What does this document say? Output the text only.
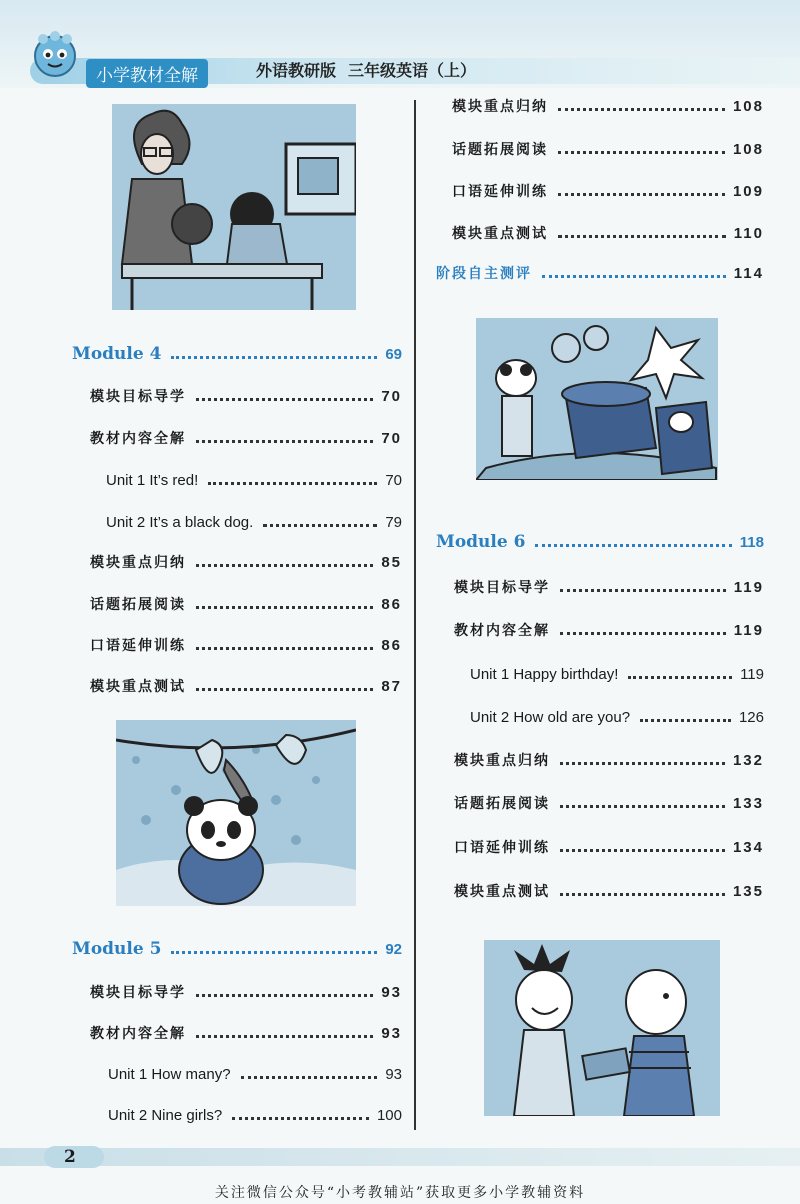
小学教材全解	外语教研版 三年级英语（上）
Module 4	69
模块目标导学	70
教材内容全解	70
Unit 1 It’s red!	70
Unit 2 It’s a black dog.	79
模块重点归纳	85
话题拓展阅读	86
口语延伸训练	86
模块重点测试	87
Module 5	92
模块目标导学	93
教材内容全解	93
Unit 1 How many?	93
Unit 2 Nine girls?	100
模块重点归纳	108
话题拓展阅读	108
口语延伸训练	109
模块重点测试	110
阶段自主测评	114
Module 6	118
模块目标导学	119
教材内容全解	119
Unit 1 Happy birthday!	119
Unit 2 How old are you?	126
模块重点归纳	132
话题拓展阅读	133
口语延伸训练	134
模块重点测试	135
2
关注微信公众号“小考教辅站”获取更多小学教辅资料
